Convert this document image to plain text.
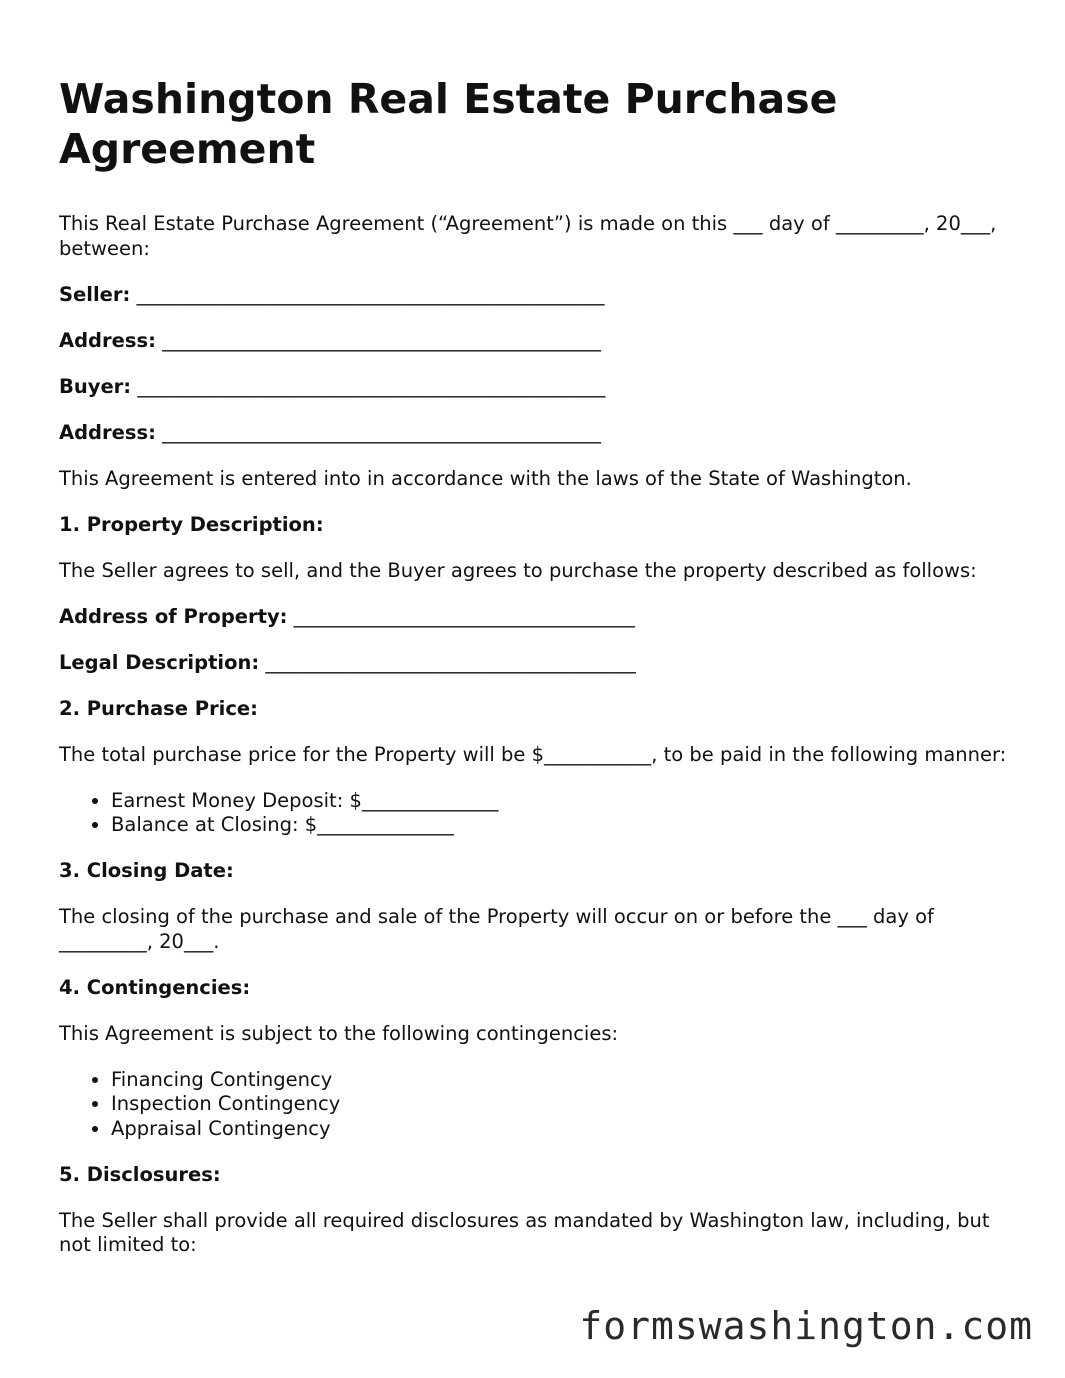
Washington Real Estate Purchase Agreement

This Real Estate Purchase Agreement (“Agreement”) is made on this ___ day of _________, 20___, between:

Seller: ________________________________________________
Address: _____________________________________________
Buyer: ________________________________________________
Address: _____________________________________________

This Agreement is entered into in accordance with the laws of the State of Washington.

1. Property Description:

The Seller agrees to sell, and the Buyer agrees to purchase the property described as follows:

Address of Property: ___________________________________
Legal Description: ______________________________________
2. Purchase Price:

The total purchase price for the Property will be $___________, to be paid in the following manner:

• Earnest Money Deposit: $______________
• Balance at Closing: $______________
3. Closing Date:

The closing of the purchase and sale of the Property will occur on or before the ___ day of _________, 20___.

4. Contingencies:

This Agreement is subject to the following contingencies:

• Financing Contingency
• Inspection Contingency
• Appraisal Contingency
5. Disclosures:

The Seller shall provide all required disclosures as mandated by Washington law, including, but not limited to:

formswashington.com
